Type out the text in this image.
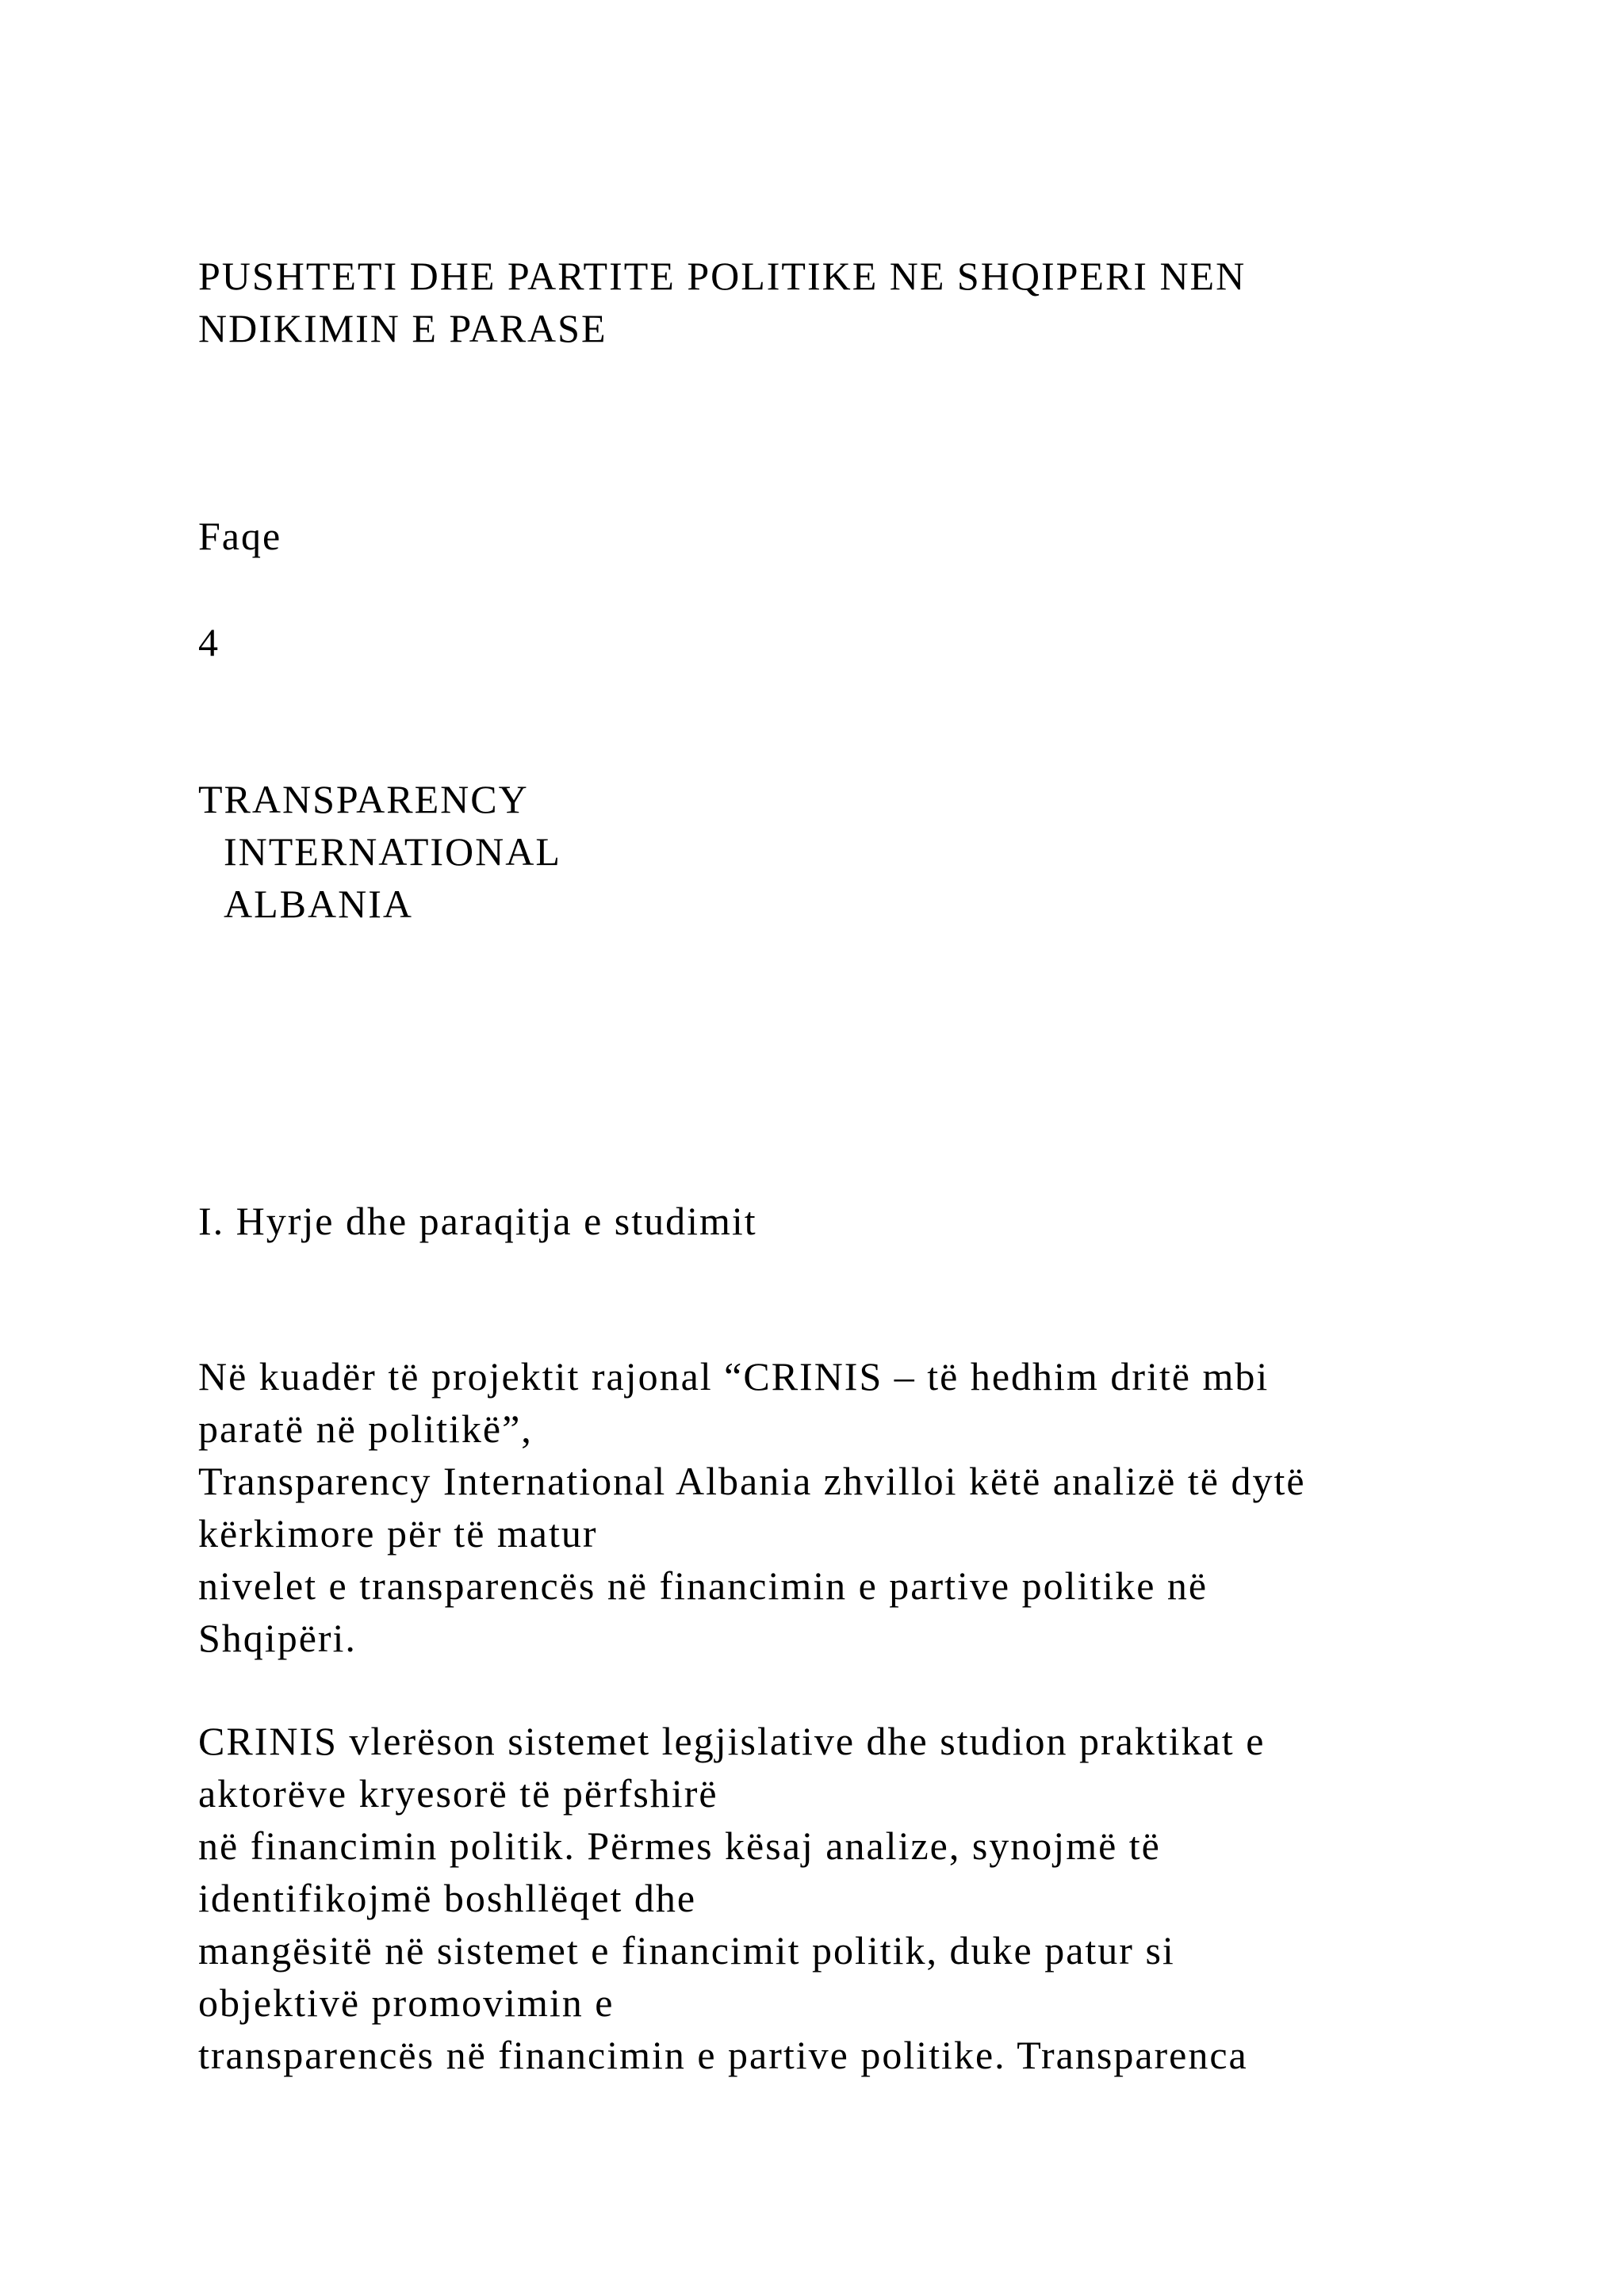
PUSHTETI DHE PARTITE POLITIKE NE SHQIPERI NEN
NDIKIMIN E PARASE
Faqe
4
TRANSPARENCY
INTERNATIONAL
ALBANIA
I. Hyrje dhe paraqitja e studimit
Në kuadër të projektit rajonal “CRINIS – të hedhim dritë mbi
paratë në politikë”,
Transparency International Albania zhvilloi këtë analizë të dytë
kërkimore për të matur
nivelet e transparencës në financimin e partive politike në
Shqipëri.
CRINIS vlerëson sistemet legjislative dhe studion praktikat e
aktorëve kryesorë të përfshirë
në financimin politik. Përmes kësaj analize, synojmë të
identifikojmë boshllëqet dhe
mangësitë në sistemet e financimit politik, duke patur si
objektivë promovimin e
transparencës në financimin e partive politike. Transparenca
